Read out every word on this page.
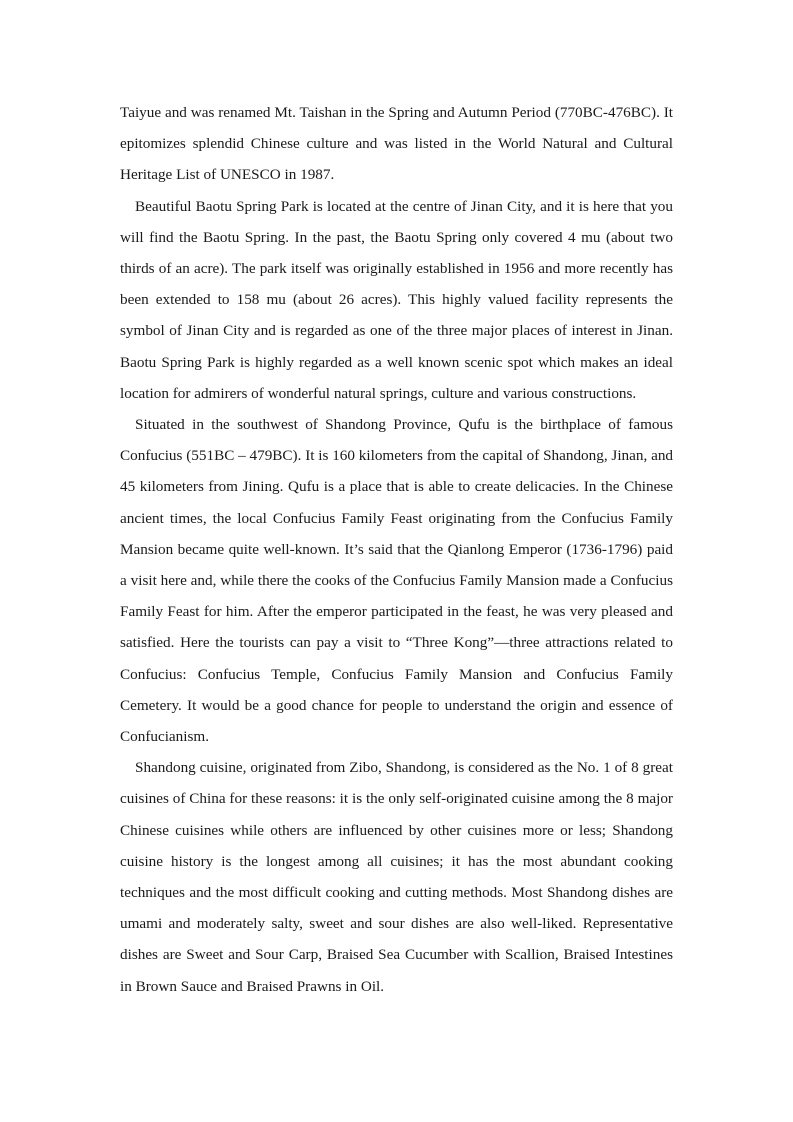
Taiyue and was renamed Mt. Taishan in the Spring and Autumn Period (770BC-476BC). It epitomizes splendid Chinese culture and was listed in the World Natural and Cultural Heritage List of UNESCO in 1987.

Beautiful Baotu Spring Park is located at the centre of Jinan City, and it is here that you will find the Baotu Spring. In the past, the Baotu Spring only covered 4 mu (about two thirds of an acre). The park itself was originally established in 1956 and more recently has been extended to 158 mu (about 26 acres). This highly valued facility represents the symbol of Jinan City and is regarded as one of the three major places of interest in Jinan. Baotu Spring Park is highly regarded as a well known scenic spot which makes an ideal location for admirers of wonderful natural springs, culture and various constructions.

Situated in the southwest of Shandong Province, Qufu is the birthplace of famous Confucius (551BC – 479BC). It is 160 kilometers from the capital of Shandong, Jinan, and 45 kilometers from Jining. Qufu is a place that is able to create delicacies. In the Chinese ancient times, the local Confucius Family Feast originating from the Confucius Family Mansion became quite well-known. It’s said that the Qianlong Emperor (1736-1796) paid a visit here and, while there the cooks of the Confucius Family Mansion made a Confucius Family Feast for him. After the emperor participated in the feast, he was very pleased and satisfied. Here the tourists can pay a visit to “Three Kong”—three attractions related to Confucius: Confucius Temple, Confucius Family Mansion and Confucius Family Cemetery. It would be a good chance for people to understand the origin and essence of Confucianism.

Shandong cuisine, originated from Zibo, Shandong, is considered as the No. 1 of 8 great cuisines of China for these reasons: it is the only self-originated cuisine among the 8 major Chinese cuisines while others are influenced by other cuisines more or less; Shandong cuisine history is the longest among all cuisines; it has the most abundant cooking techniques and the most difficult cooking and cutting methods. Most Shandong dishes are umami and moderately salty, sweet and sour dishes are also well-liked. Representative dishes are Sweet and Sour Carp, Braised Sea Cucumber with Scallion, Braised Intestines in Brown Sauce and Braised Prawns in Oil.
